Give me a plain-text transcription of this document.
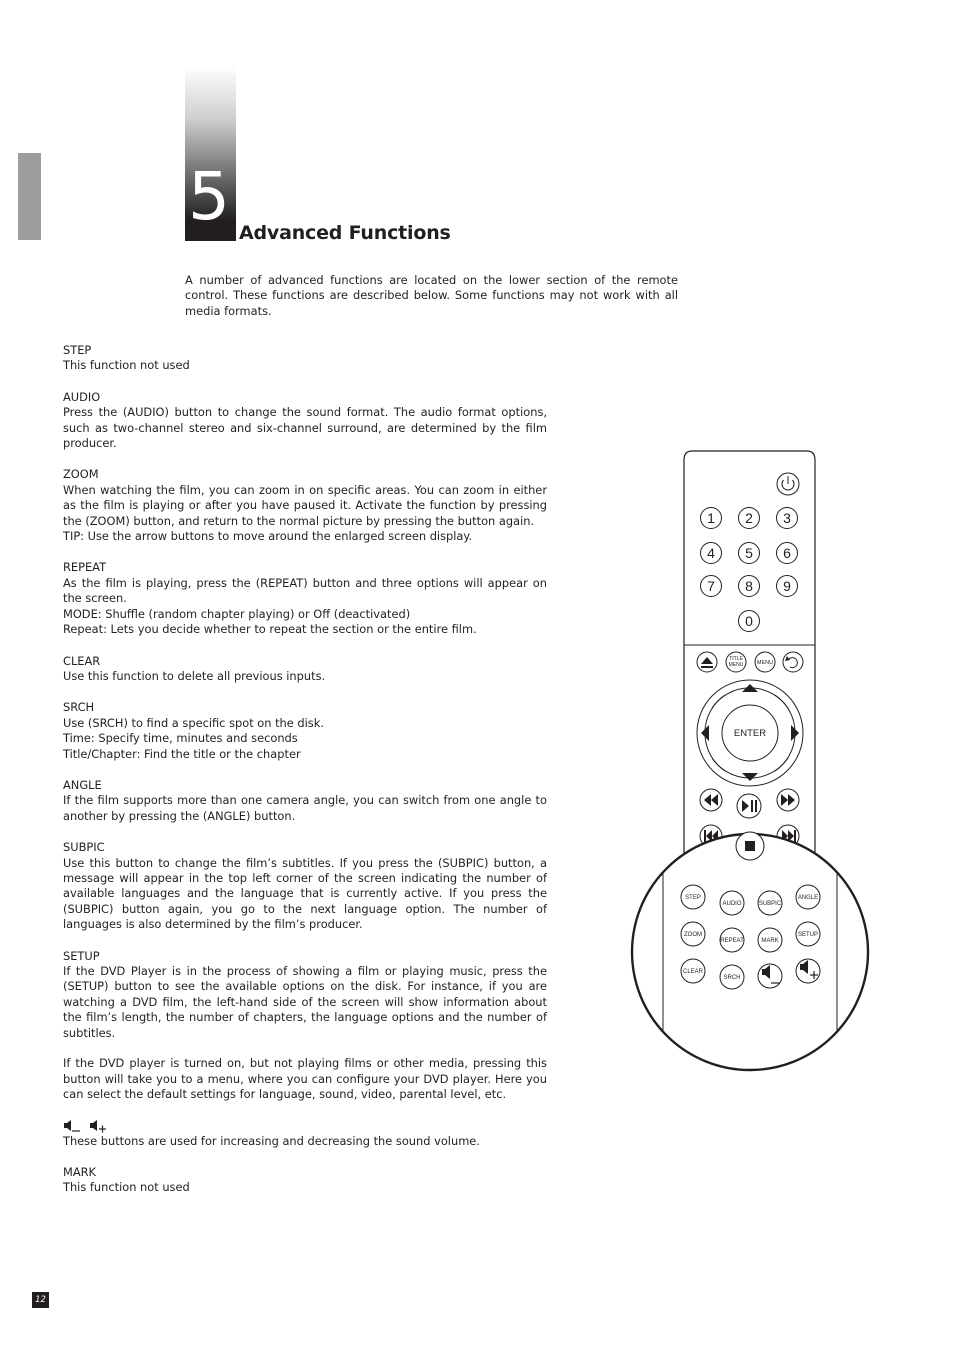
5 Advanced Functions

A number of advanced functions are located on the lower section of the remote control. These functions are described below. Some functions may not work with all media formats.

STEP

This function not used

AUDIO

Press the (AUDIO) button to change the sound format. The audio format options, such as two-channel stereo and six-channel surround, are determined by the film producer.

ZOOM

When watching the film, you can zoom in on specific areas. You can zoom in either as the film is playing or after you have paused it. Activate the function by pressing the (ZOOM) button, and return to the normal picture by pressing the button again.

TIP: Use the arrow buttons to move around the enlarged screen display.

REPEAT

As the film is playing, press the (REPEAT) button and three options will appear on the screen.

MODE: Shuffle (random chapter playing) or Off (deactivated)

Repeat: Lets you decide whether to repeat the section or the entire film.

CLEAR

Use this function to delete all previous inputs.

SRCH

Use (SRCH) to find a specific spot on the disk.

Time: Specify time, minutes and seconds

Title/Chapter: Find the title or the chapter

ANGLE

If the film supports more than one camera angle, you can switch from one angle to another by pressing the (ANGLE) button.

SUBPIC

Use this button to change the film’s subtitles. If you press the (SUBPIC) button, a message will appear in the top left corner of the screen indicating the number of available languages and the language that is currently active. If you press the (SUBPIC) button again, you go to the next language option. The number of languages is also determined by the film’s producer.

SETUP

If the DVD Player is in the process of showing a film or playing music, press the (SETUP) button to see the available options on the disk. For instance, if you are watching a DVD film, the left-hand side of the screen will show information about the film’s length, the number of chapters, the language options and the number of subtitles.

If the DVD player is turned on, but not playing films or other media, pressing this button will take you to a menu, where you can configure your DVD player. Here you can select the default settings for language, sound, video, parental level, etc.

These buttons are used for increasing and decreasing the sound volume.

MARK

This function not used

12
1 2 3
4 5 6
7 8 9
0
TITLE
MENU MENU
ENTER
STEP
AUDIO	SUBPIC
ANGLE
ZOOM
REPEAT	MARK
SETUP
CLEAR
SRCH
